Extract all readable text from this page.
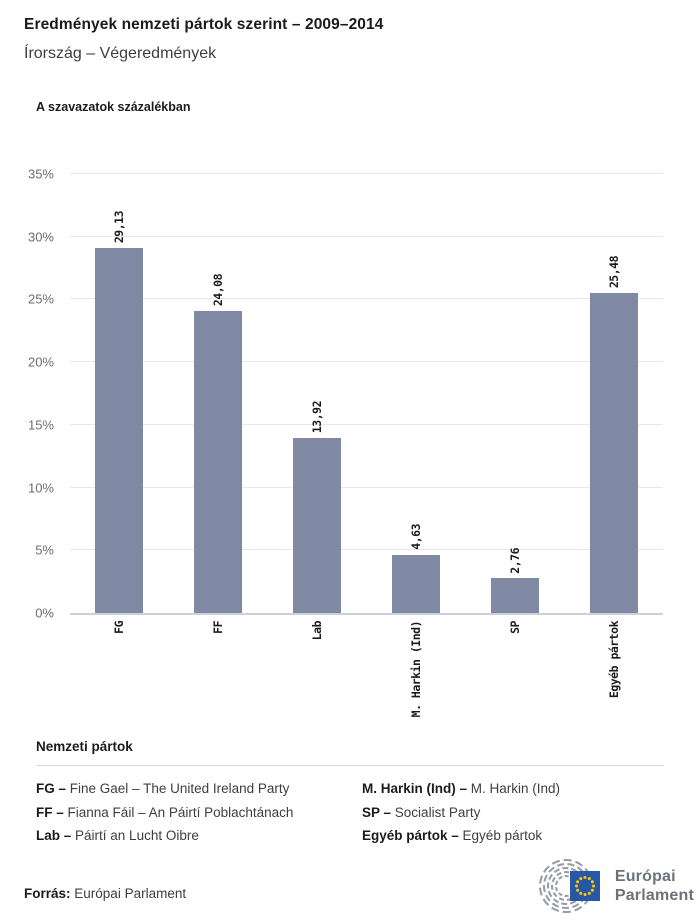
Eredmények nemzeti pártok szerint – 2009–2014
Írország – Végeredmények
A szavazatok százalékban
0%
5%
10%
15%
20%
25%
30%
35%
29,13
24,08
13,92
4,63
2,76
25,48
FG	FF	Lab	M. Harkin (Ind)	SP	Egyéb pártok
Nemzeti pártok
FG – Fine Gael – The United Ireland Party
FF – Fianna Fáil – An Páirtí Poblachtánach
Lab – Páirtí an Lucht Oibre
M. Harkin (Ind) – M. Harkin (Ind)
SP – Socialist Party
Egyéb pártok – Egyéb pártok
Forrás: Európai Parlament
Európai
Parlament
